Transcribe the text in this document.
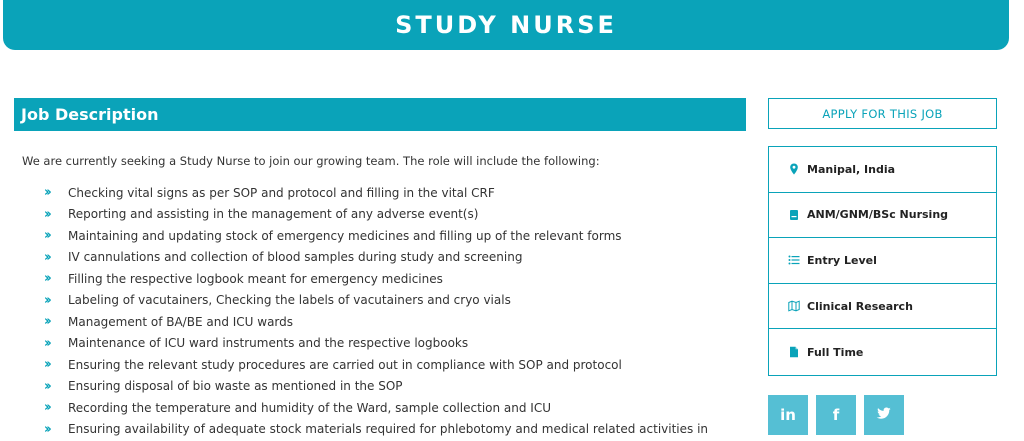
STUDY NURSE
Job Description

We are currently seeking a Study Nurse to join our growing team. The role will include the following:

››	Checking vital signs as per SOP and protocol and filling in the vital CRF
››	Reporting and assisting in the management of any adverse event(s)
››	Maintaining and updating stock of emergency medicines and filling up of the relevant forms
››	IV cannulations and collection of blood samples during study and screening
››	Filling the respective logbook meant for emergency medicines
››	Labeling of vacutainers, Checking the labels of vacutainers and cryo vials
››	Management of BA/BE and ICU wards
››	Maintenance of ICU ward instruments and the respective logbooks
››	Ensuring the relevant study procedures are carried out in compliance with SOP and protocol
››	Ensuring disposal of bio waste as mentioned in the SOP
››	Recording the temperature and humidity of the Ward, sample collection and ICU
››	Ensuring availability of adequate stock materials required for phlebotomy and medical related activities in
APPLY FOR THIS JOB
Manipal, India
ANM/GNM/BSc Nursing
Entry Level
Clinical Research
Full Time
in f
